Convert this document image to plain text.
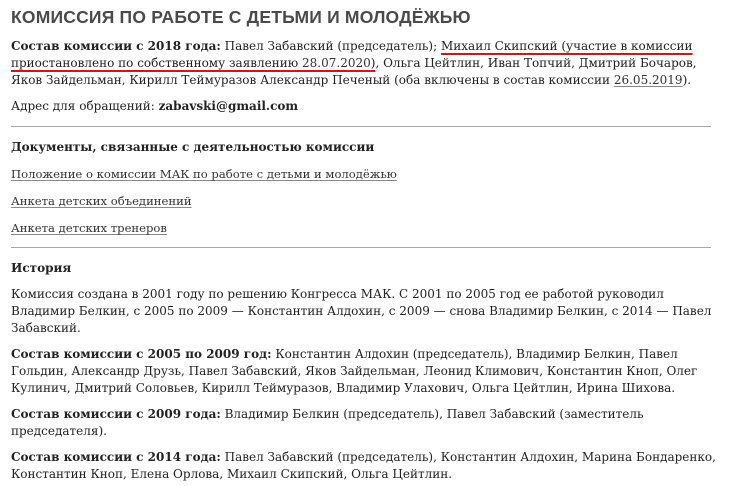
КОМИССИЯ ПО РАБОТЕ С ДЕТЬМИ И МОЛОДЁЖЬЮ

Состав комиссии с 2018 года: Павел Забавский (председатель); Михаил Скипский (участие в комиссии приостановлено по собственному заявлению 28.07.2020), Ольга Цейтлин, Иван Топчий, Дмитрий Бочаров, Яков Зайдельман, Кирилл Теймуразов Александр Печеный (оба включены в состав комиссии 26.05.2019).

Адрес для обращений: zabavski@gmail.com

Документы, связанные с деятельностью комиссии

Положение о комиссии МАК по работе с детьми и молодёжью

Анкета детских объединений

Анкета детских тренеров

История

Комиссия создана в 2001 году по решению Конгресса МАК. С 2001 по 2005 год ее работой руководил Владимир Белкин, с 2005 по 2009 — Константин Алдохин, с 2009 — снова Владимир Белкин, с 2014 — Павел Забавский.

Состав комиссии с 2005 по 2009 год: Константин Алдохин (председатель), Владимир Белкин, Павел Гольдин, Александр Друзь, Павел Забавский, Яков Зайдельман, Леонид Климович, Константин Кноп, Олег Кулинич, Дмитрий Соловьев, Кирилл Теймуразов, Владимир Улахович, Ольга Цейтлин, Ирина Шихова.

Состав комиссии с 2009 года: Владимир Белкин (председатель), Павел Забавский (заместитель председателя).

Состав комиссии с 2014 года: Павел Забавский (председатель), Константин Алдохин, Марина Бондаренко, Константин Кноп, Елена Орлова, Михаил Скипский, Ольга Цейтлин.
